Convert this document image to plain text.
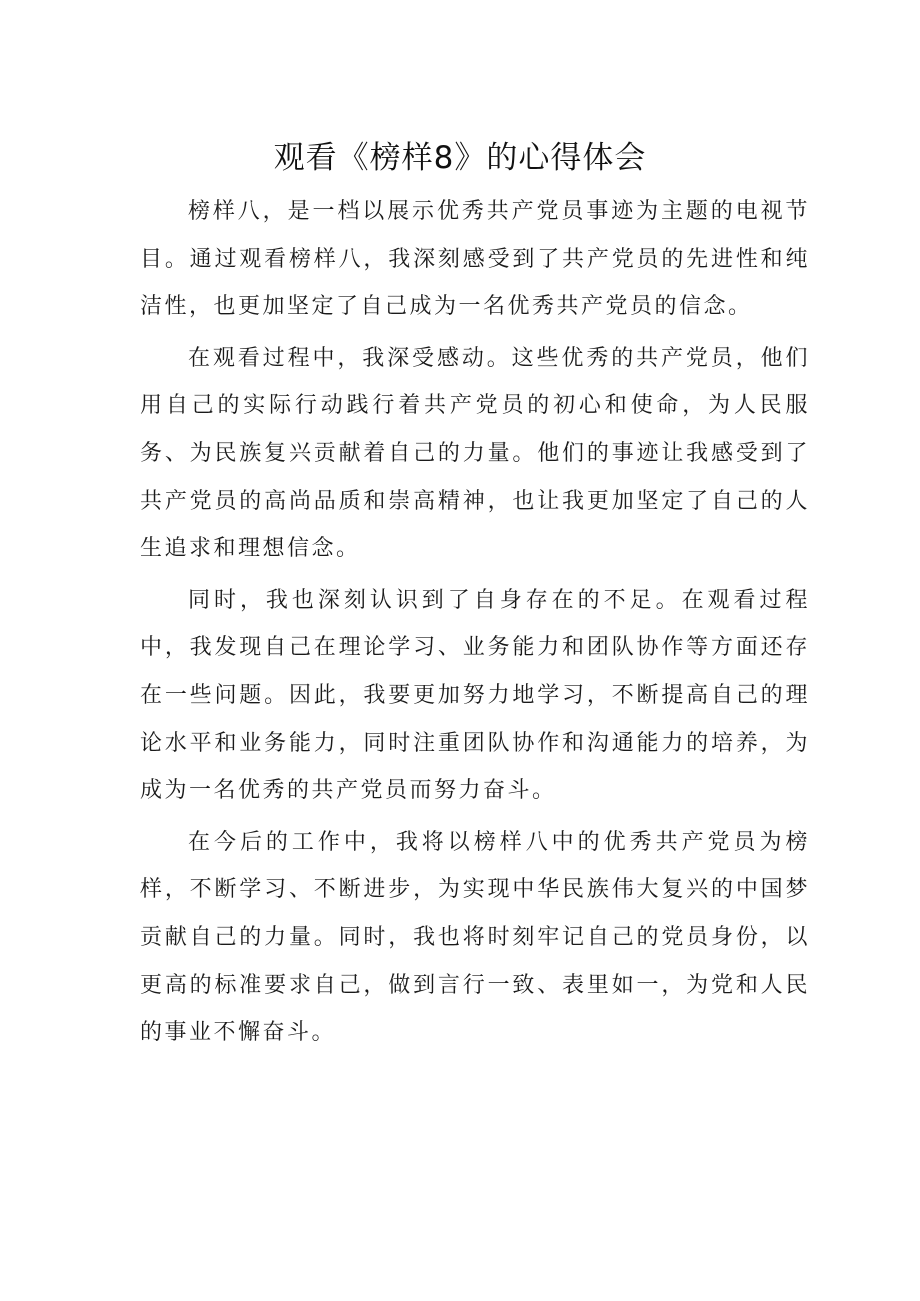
观看《榜样8》的心得体会

榜样八，是一档以展示优秀共产党员事迹为主题的电视节目。通过观看榜样八，我深刻感受到了共产党员的先进性和纯洁性，也更加坚定了自己成为一名优秀共产党员的信念。

在观看过程中，我深受感动。这些优秀的共产党员，他们用自己的实际行动践行着共产党员的初心和使命，为人民服务、为民族复兴贡献着自己的力量。他们的事迹让我感受到了共产党员的高尚品质和崇高精神，也让我更加坚定了自己的人生追求和理想信念。

同时，我也深刻认识到了自身存在的不足。在观看过程中，我发现自己在理论学习、业务能力和团队协作等方面还存在一些问题。因此，我要更加努力地学习，不断提高自己的理论水平和业务能力，同时注重团队协作和沟通能力的培养，为成为一名优秀的共产党员而努力奋斗。

在今后的工作中，我将以榜样八中的优秀共产党员为榜样，不断学习、不断进步，为实现中华民族伟大复兴的中国梦贡献自己的力量。同时，我也将时刻牢记自己的党员身份，以更高的标准要求自己，做到言行一致、表里如一，为党和人民的事业不懈奋斗。
